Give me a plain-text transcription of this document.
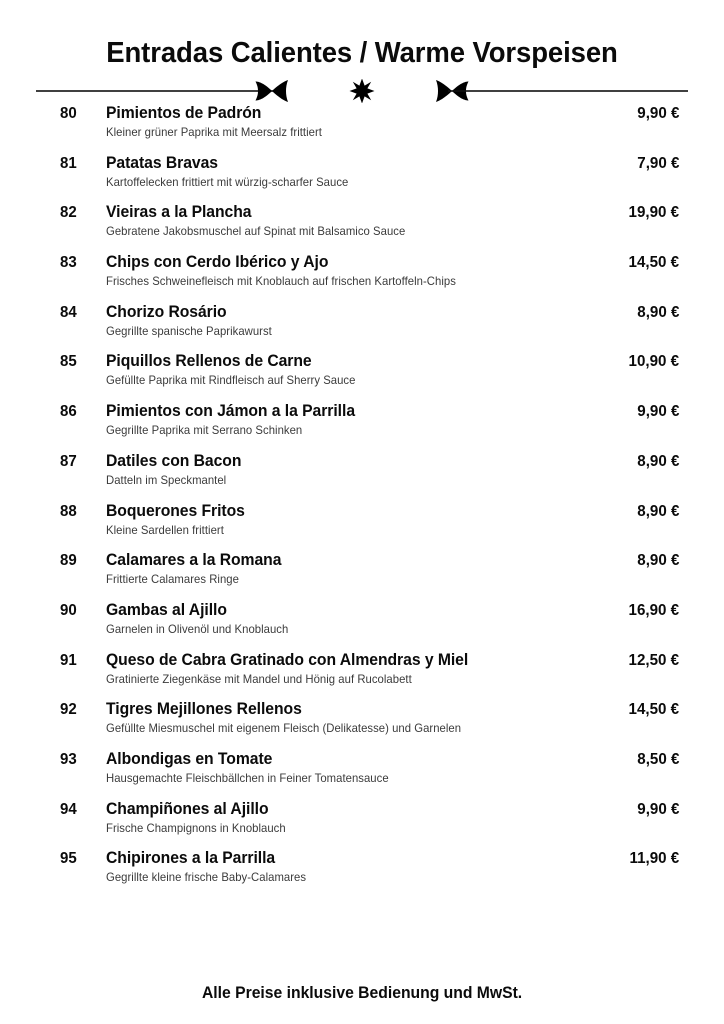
Entradas Calientes / Warme Vorspeisen
80	Pimientos de Padrón	9,90 €
Kleiner grüner Paprika mit Meersalz frittiert
81	Patatas Bravas	7,90 €
Kartoffelecken frittiert mit würzig-scharfer Sauce
82	Vieiras a la Plancha	19,90 €
Gebratene Jakobsmuschel auf Spinat mit Balsamico Sauce
83	Chips con Cerdo Ibérico y Ajo	14,50 €
Frisches Schweinefleisch mit Knoblauch auf frischen Kartoffeln-Chips
84	Chorizo Rosário	8,90 €
Gegrillte spanische Paprikawurst
85	Piquillos Rellenos de Carne	10,90 €
Gefüllte Paprika mit Rindfleisch auf Sherry Sauce
86	Pimientos con Jámon a la Parrilla	9,90 €
Gegrillte Paprika mit Serrano Schinken
87	Datiles con Bacon	8,90 €
Datteln im Speckmantel
88	Boquerones Fritos	8,90 €
Kleine Sardellen frittiert
89	Calamares a la Romana	8,90 €
Frittierte Calamares Ringe
90	Gambas al Ajillo	16,90 €
Garnelen in Olivenöl und Knoblauch
91	Queso de Cabra Gratinado con Almendras y Miel	12,50 €
Gratinierte Ziegenkäse mit Mandel und Hönig auf Rucolabett
92	Tigres Mejillones Rellenos	14,50 €
Gefüllte Miesmuschel mit eigenem Fleisch (Delikatesse) und Garnelen
93	Albondigas en Tomate	8,50 €
Hausgemachte Fleischbällchen in Feiner Tomatensauce
94	Champiñones al Ajillo	9,90 €
Frische Champignons in Knoblauch
95	Chipirones a la Parrilla	11,90 €
Gegrillte kleine frische Baby-Calamares
Alle Preise inklusive Bedienung und MwSt.
